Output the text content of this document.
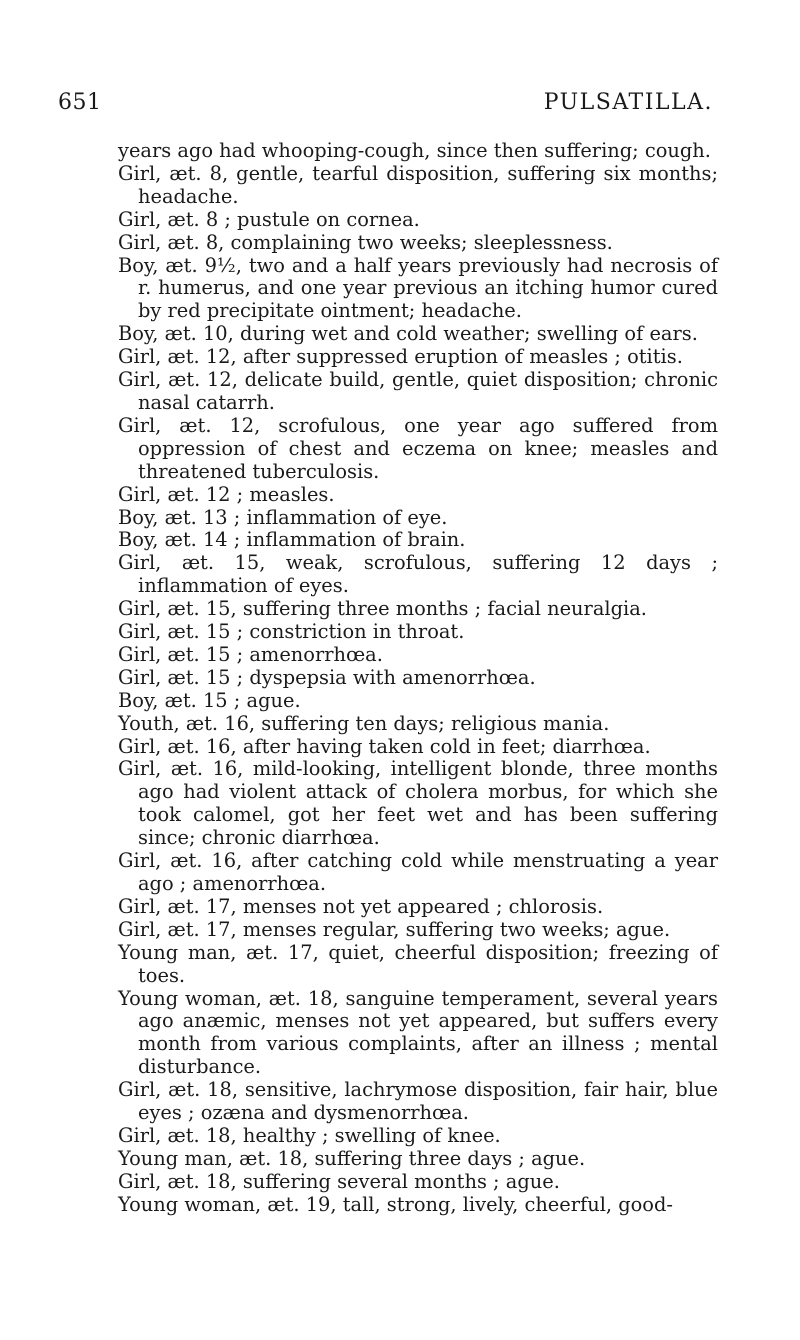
651	PULSATILLA.

years ago had whooping-cough, since then suffering; cough.

Girl, æt. 8, gentle, tearful disposition, suffering six months; headache.

Girl, æt. 8 ; pustule on cornea.

Girl, æt. 8, complaining two weeks; sleeplessness.

Boy, æt. 9½, two and a half years previously had necrosis of r. humerus, and one year previous an itching humor cured by red precipitate ointment; headache.

Boy, æt. 10, during wet and cold weather; swelling of ears.

Girl, æt. 12, after suppressed eruption of measles ; otitis.

Girl, æt. 12, delicate build, gentle, quiet disposition; chronic nasal catarrh.

Girl, æt. 12, scrofulous, one year ago suffered from oppression of chest and eczema on knee; measles and threatened tuberculosis.

Girl, æt. 12 ; measles.

Boy, æt. 13 ; inflammation of eye.

Boy, æt. 14 ; inflammation of brain.

Girl, æt. 15, weak, scrofulous, suffering 12 days ; inflammation of eyes.

Girl, æt. 15, suffering three months ; facial neuralgia.

Girl, æt. 15 ; constriction in throat.

Girl, æt. 15 ; amenorrhœa.

Girl, æt. 15 ; dyspepsia with amenorrhœa.

Boy, æt. 15 ; ague.

Youth, æt. 16, suffering ten days; religious mania.

Girl, æt. 16, after having taken cold in feet; diarrhœa.

Girl, æt. 16, mild-looking, intelligent blonde, three months ago had violent attack of cholera morbus, for which she took calomel, got her feet wet and has been suffering since; chronic diarrhœa.

Girl, æt. 16, after catching cold while menstruating a year ago ; amenorrhœa.

Girl, æt. 17, menses not yet appeared ; chlorosis.

Girl, æt. 17, menses regular, suffering two weeks; ague.

Young man, æt. 17, quiet, cheerful disposition; freezing of toes.

Young woman, æt. 18, sanguine temperament, several years ago anæmic, menses not yet appeared, but suffers every month from various complaints, after an illness ; mental disturbance.

Girl, æt. 18, sensitive, lachrymose disposition, fair hair, blue eyes ; ozæna and dysmenorrhœa.

Girl, æt. 18, healthy ; swelling of knee.

Young man, æt. 18, suffering three days ; ague.

Girl, æt. 18, suffering several months ; ague.

Young woman, æt. 19, tall, strong, lively, cheerful, good-
